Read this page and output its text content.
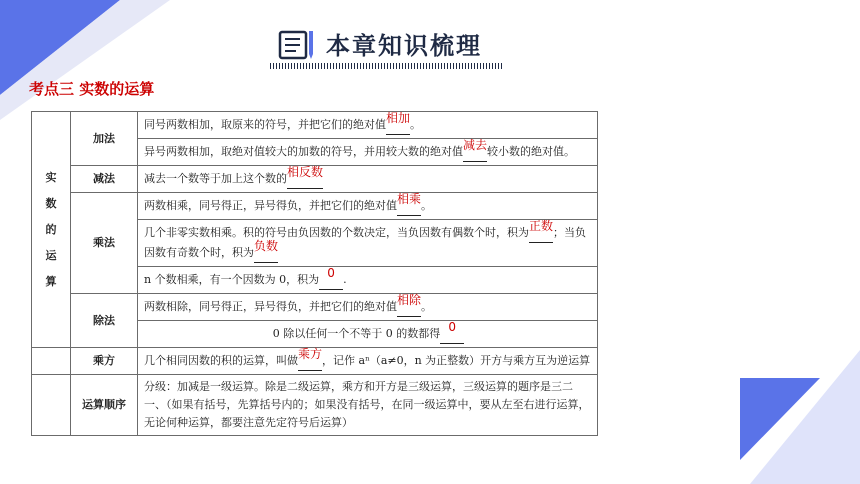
本章知识梳理
考点三 实数的运算
实
数
的
运
算	加法	同号两数相加，取原来的符号，并把它们的绝对值相加。
		异号两数相加，取绝对值较大的加数的符号，并用较大数的绝对值减去较小数的绝对值。
	减法	减去一个数等于加上这个数的相反数
	乘法	两数相乘，同号得正，异号得负，并把它们的绝对值相乘。
		几个非零实数相乘。积的符号由负因数的个数决定，当负因数有偶数个时，积为正数；当负因数有奇数个时，积为负数
		n 个数相乘，有一个因数为 0，积为 0 .
	除法	两数相除，同号得正，异号得负，并把它们的绝对值相除。
		0 除以任何一个不等于 0 的数都得 0
	乘方	几个相同因数的积的运算，叫做乘方，记作 aⁿ（a≠0，n 为正整数）开方与乘方互为逆运算
	运算顺序	分级：加减是一级运算。除是二级运算，乘方和开方是三级运算，三级运算的题序是三二一、（如果有括号，先算括号内的；如果没有括号，在同一级运算中，要从左至右进行运算，无论何种运算，都要注意先定符号后运算）
